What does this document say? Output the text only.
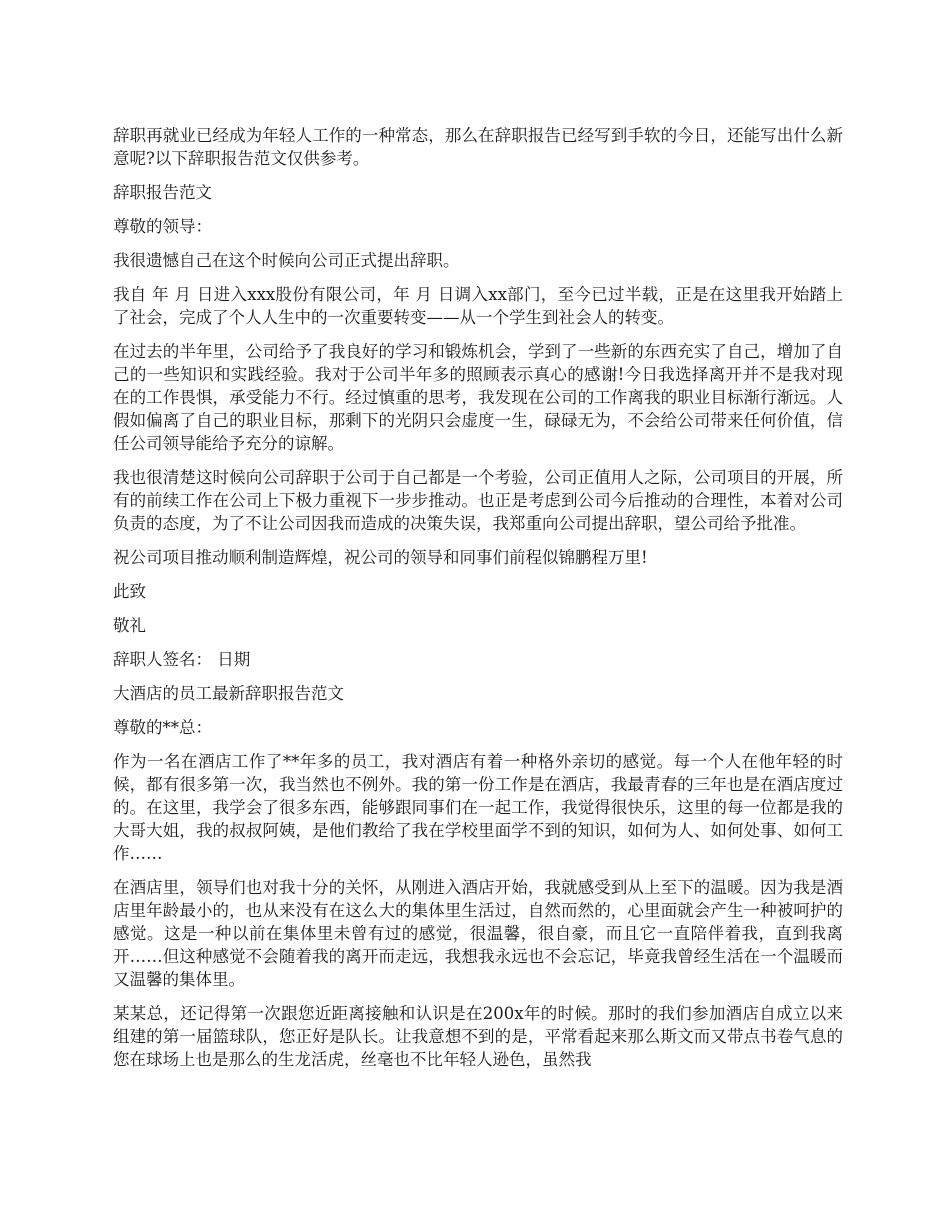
辞职再就业已经成为年轻人工作的一种常态，那么在辞职报告已经写到手软的今日，还能写出什么新意呢?以下辞职报告范文仅供参考。

辞职报告范文

尊敬的领导：

我很遗憾自己在这个时候向公司正式提出辞职。

我自 年 月 日进入xxx股份有限公司，年 月 日调入xx部门，至今已过半载，正是在这里我开始踏上了社会，完成了个人人生中的一次重要转变——从一个学生到社会人的转变。

在过去的半年里，公司给予了我良好的学习和锻炼机会，学到了一些新的东西充实了自己，增加了自己的一些知识和实践经验。我对于公司半年多的照顾表示真心的感谢!今日我选择离开并不是我对现在的工作畏惧，承受能力不行。经过慎重的思考，我发现在公司的工作离我的职业目标渐行渐远。人假如偏离了自己的职业目标，那剩下的光阴只会虚度一生，碌碌无为，不会给公司带来任何价值，信任公司领导能给予充分的谅解。

我也很清楚这时候向公司辞职于公司于自己都是一个考验，公司正值用人之际，公司项目的开展，所有的前续工作在公司上下极力重视下一步步推动。也正是考虑到公司今后推动的合理性，本着对公司负责的态度，为了不让公司因我而造成的决策失误，我郑重向公司提出辞职，望公司给予批准。

祝公司项目推动顺利制造辉煌，祝公司的领导和同事们前程似锦鹏程万里!

此致

敬礼

辞职人签名： 日期

大酒店的员工最新辞职报告范文

尊敬的**总：

作为一名在酒店工作了**年多的员工，我对酒店有着一种格外亲切的感觉。每一个人在他年轻的时候，都有很多第一次，我当然也不例外。我的第一份工作是在酒店，我最青春的三年也是在酒店度过的。在这里，我学会了很多东西，能够跟同事们在一起工作，我觉得很快乐，这里的每一位都是我的大哥大姐，我的叔叔阿姨，是他们教给了我在学校里面学不到的知识，如何为人、如何处事、如何工作……

在酒店里，领导们也对我十分的关怀，从刚进入酒店开始，我就感受到从上至下的温暖。因为我是酒店里年龄最小的，也从来没有在这么大的集体里生活过，自然而然的，心里面就会产生一种被呵护的感觉。这是一种以前在集体里未曾有过的感觉，很温馨，很自豪，而且它一直陪伴着我，直到我离开……但这种感觉不会随着我的离开而走远，我想我永远也不会忘记，毕竟我曾经生活在一个温暖而又温馨的集体里。

某某总，还记得第一次跟您近距离接触和认识是在200x年的时候。那时的我们参加酒店自成立以来组建的第一届篮球队，您正好是队长。让我意想不到的是，平常看起来那么斯文而又带点书卷气息的您在球场上也是那么的生龙活虎，丝毫也不比年轻人逊色，虽然我
